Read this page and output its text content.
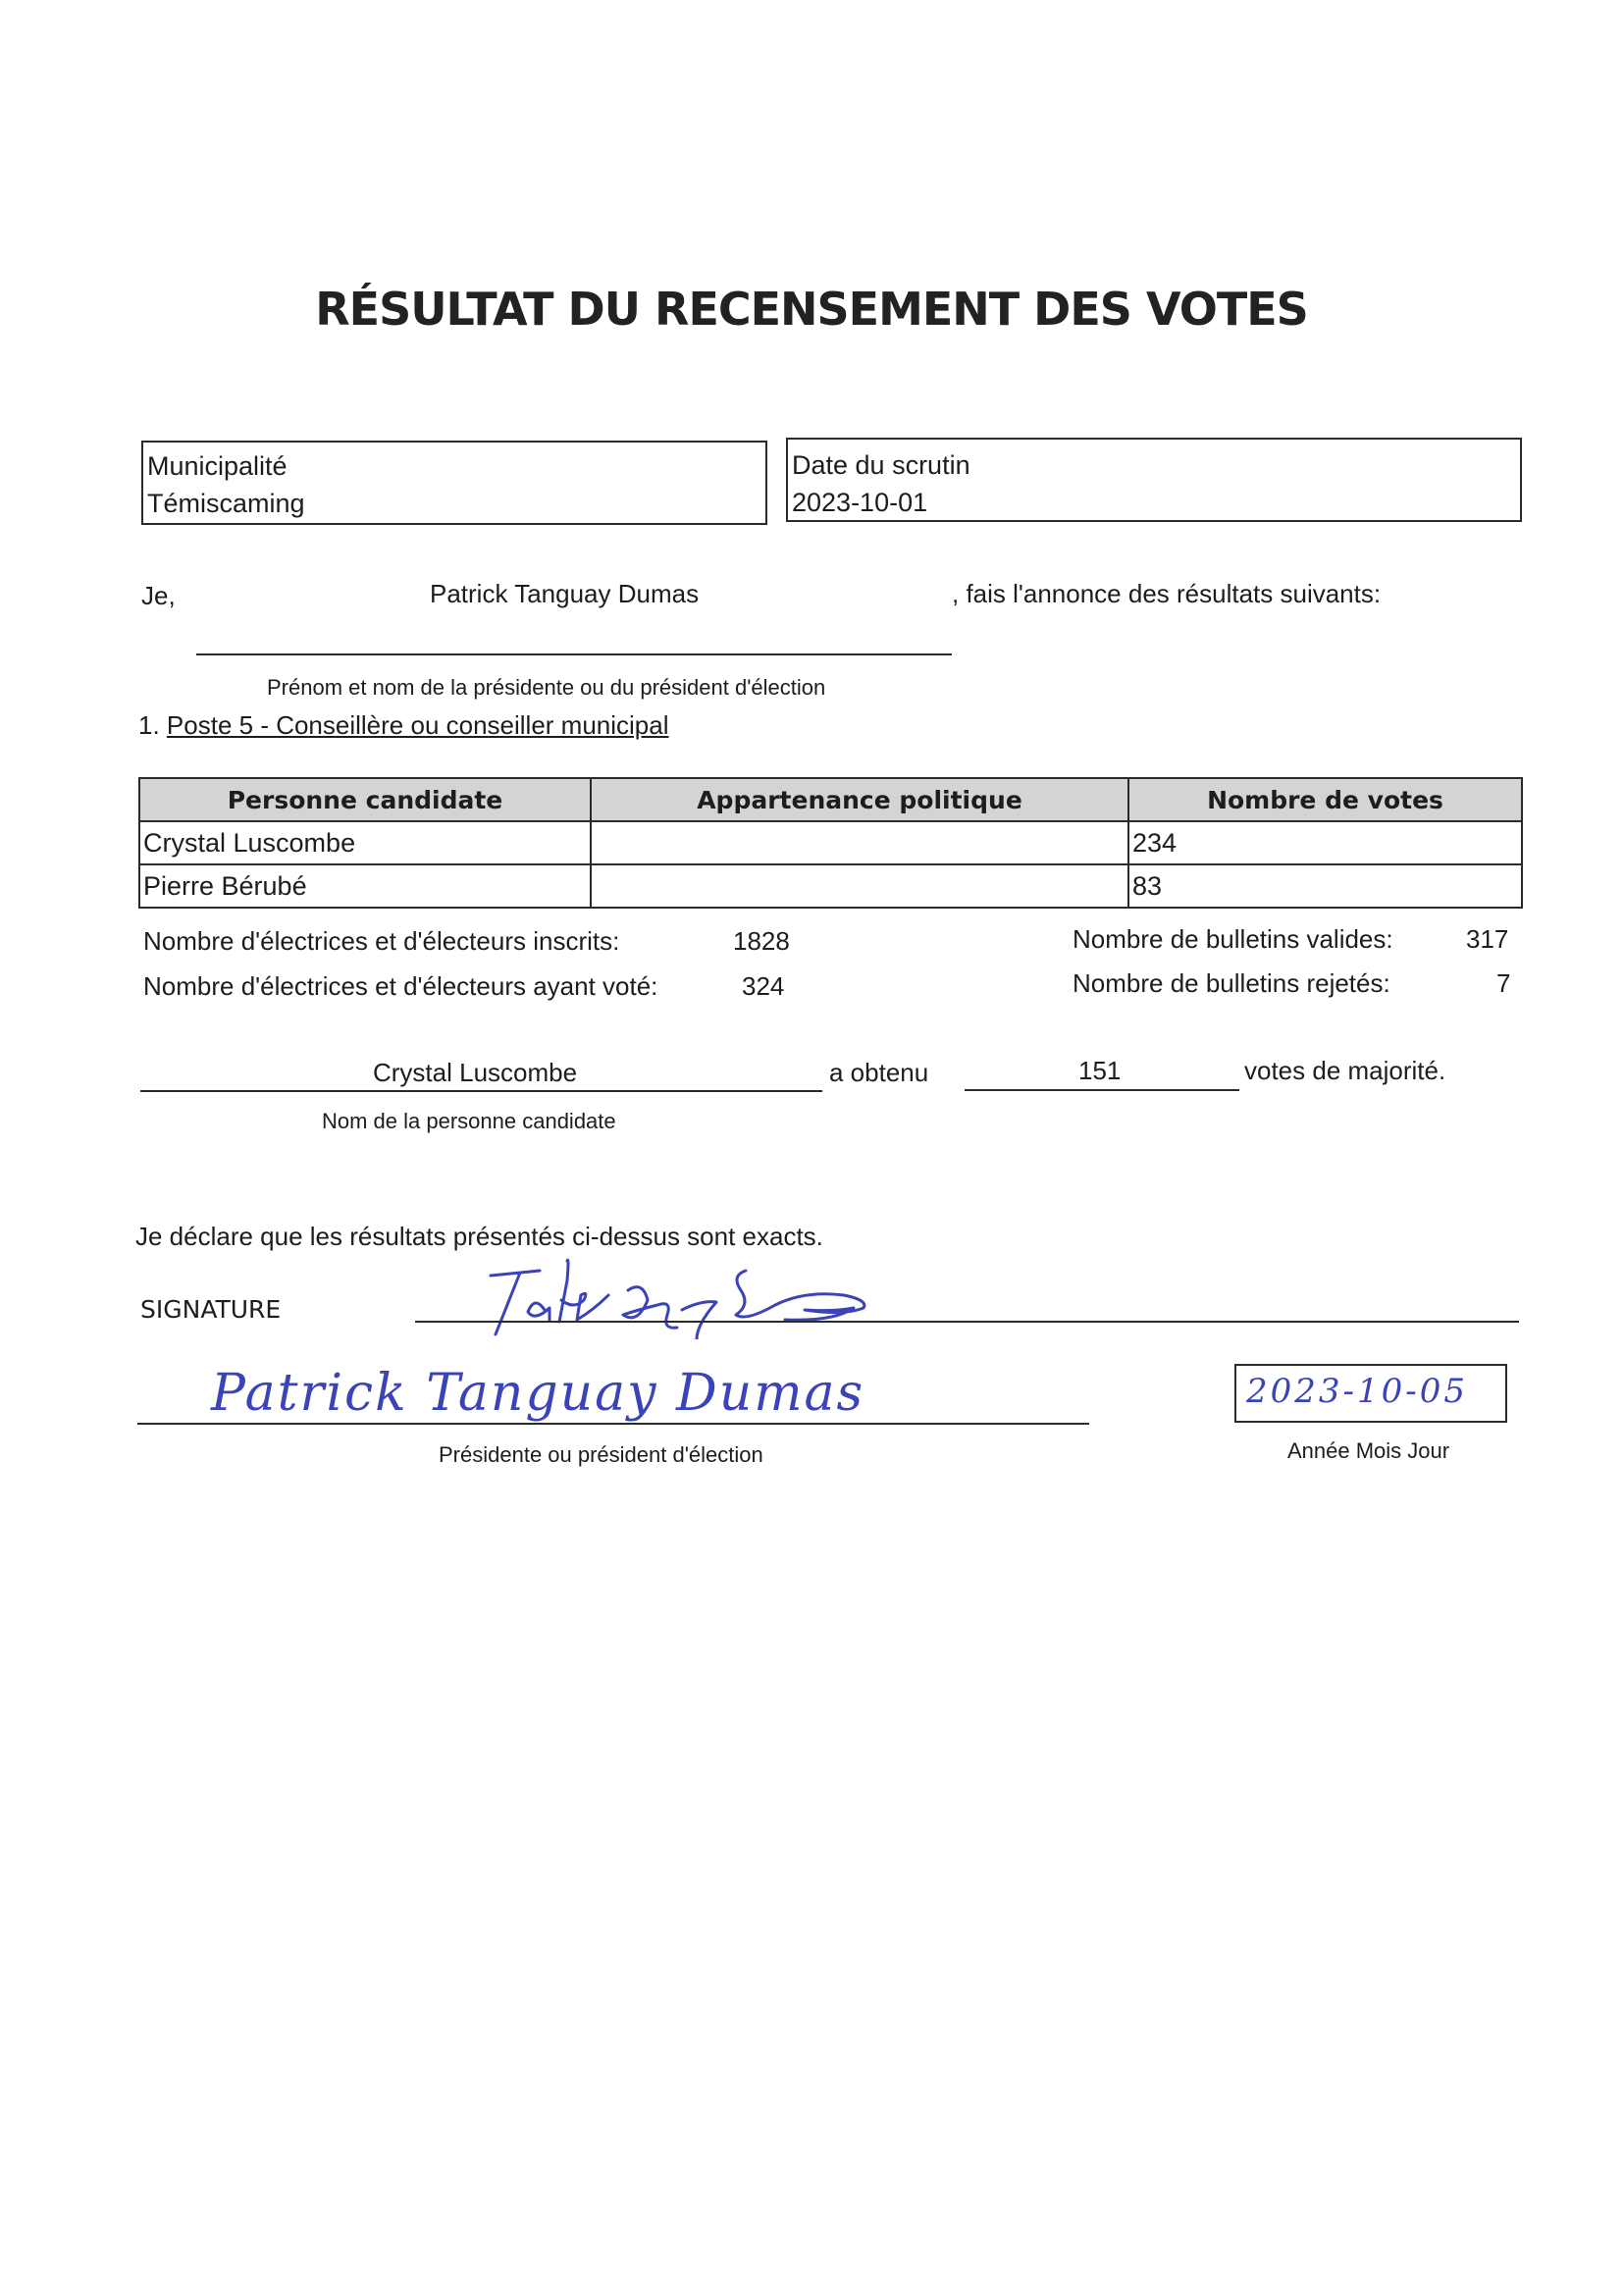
RÉSULTAT DU RECENSEMENT DES VOTES
Municipalité
Témiscaming
Date du scrutin
2023-10-01
Je,	Patrick Tanguay Dumas	, fais l'annonce des résultats suivants:
Prénom et nom de la présidente ou du président d'élection
1. Poste 5 - Conseillère ou conseiller municipal
Personne candidate	Appartenance politique	Nombre de votes
Crystal Luscombe		234
Pierre Bérubé		83
Nombre d'électrices et d'électeurs inscrits:	1828
Nombre d'électrices et d'électeurs ayant voté:	324
Nombre de bulletins valides:	317
Nombre de bulletins rejetés:	7
Crystal Luscombe	a obtenu	151	votes de majorité.
Nom de la personne candidate
Je déclare que les résultats présentés ci-dessus sont exacts.
SIGNATURE
Patrick Tanguay Dumas
Présidente ou président d'élection
2023-10-05
Année Mois Jour
